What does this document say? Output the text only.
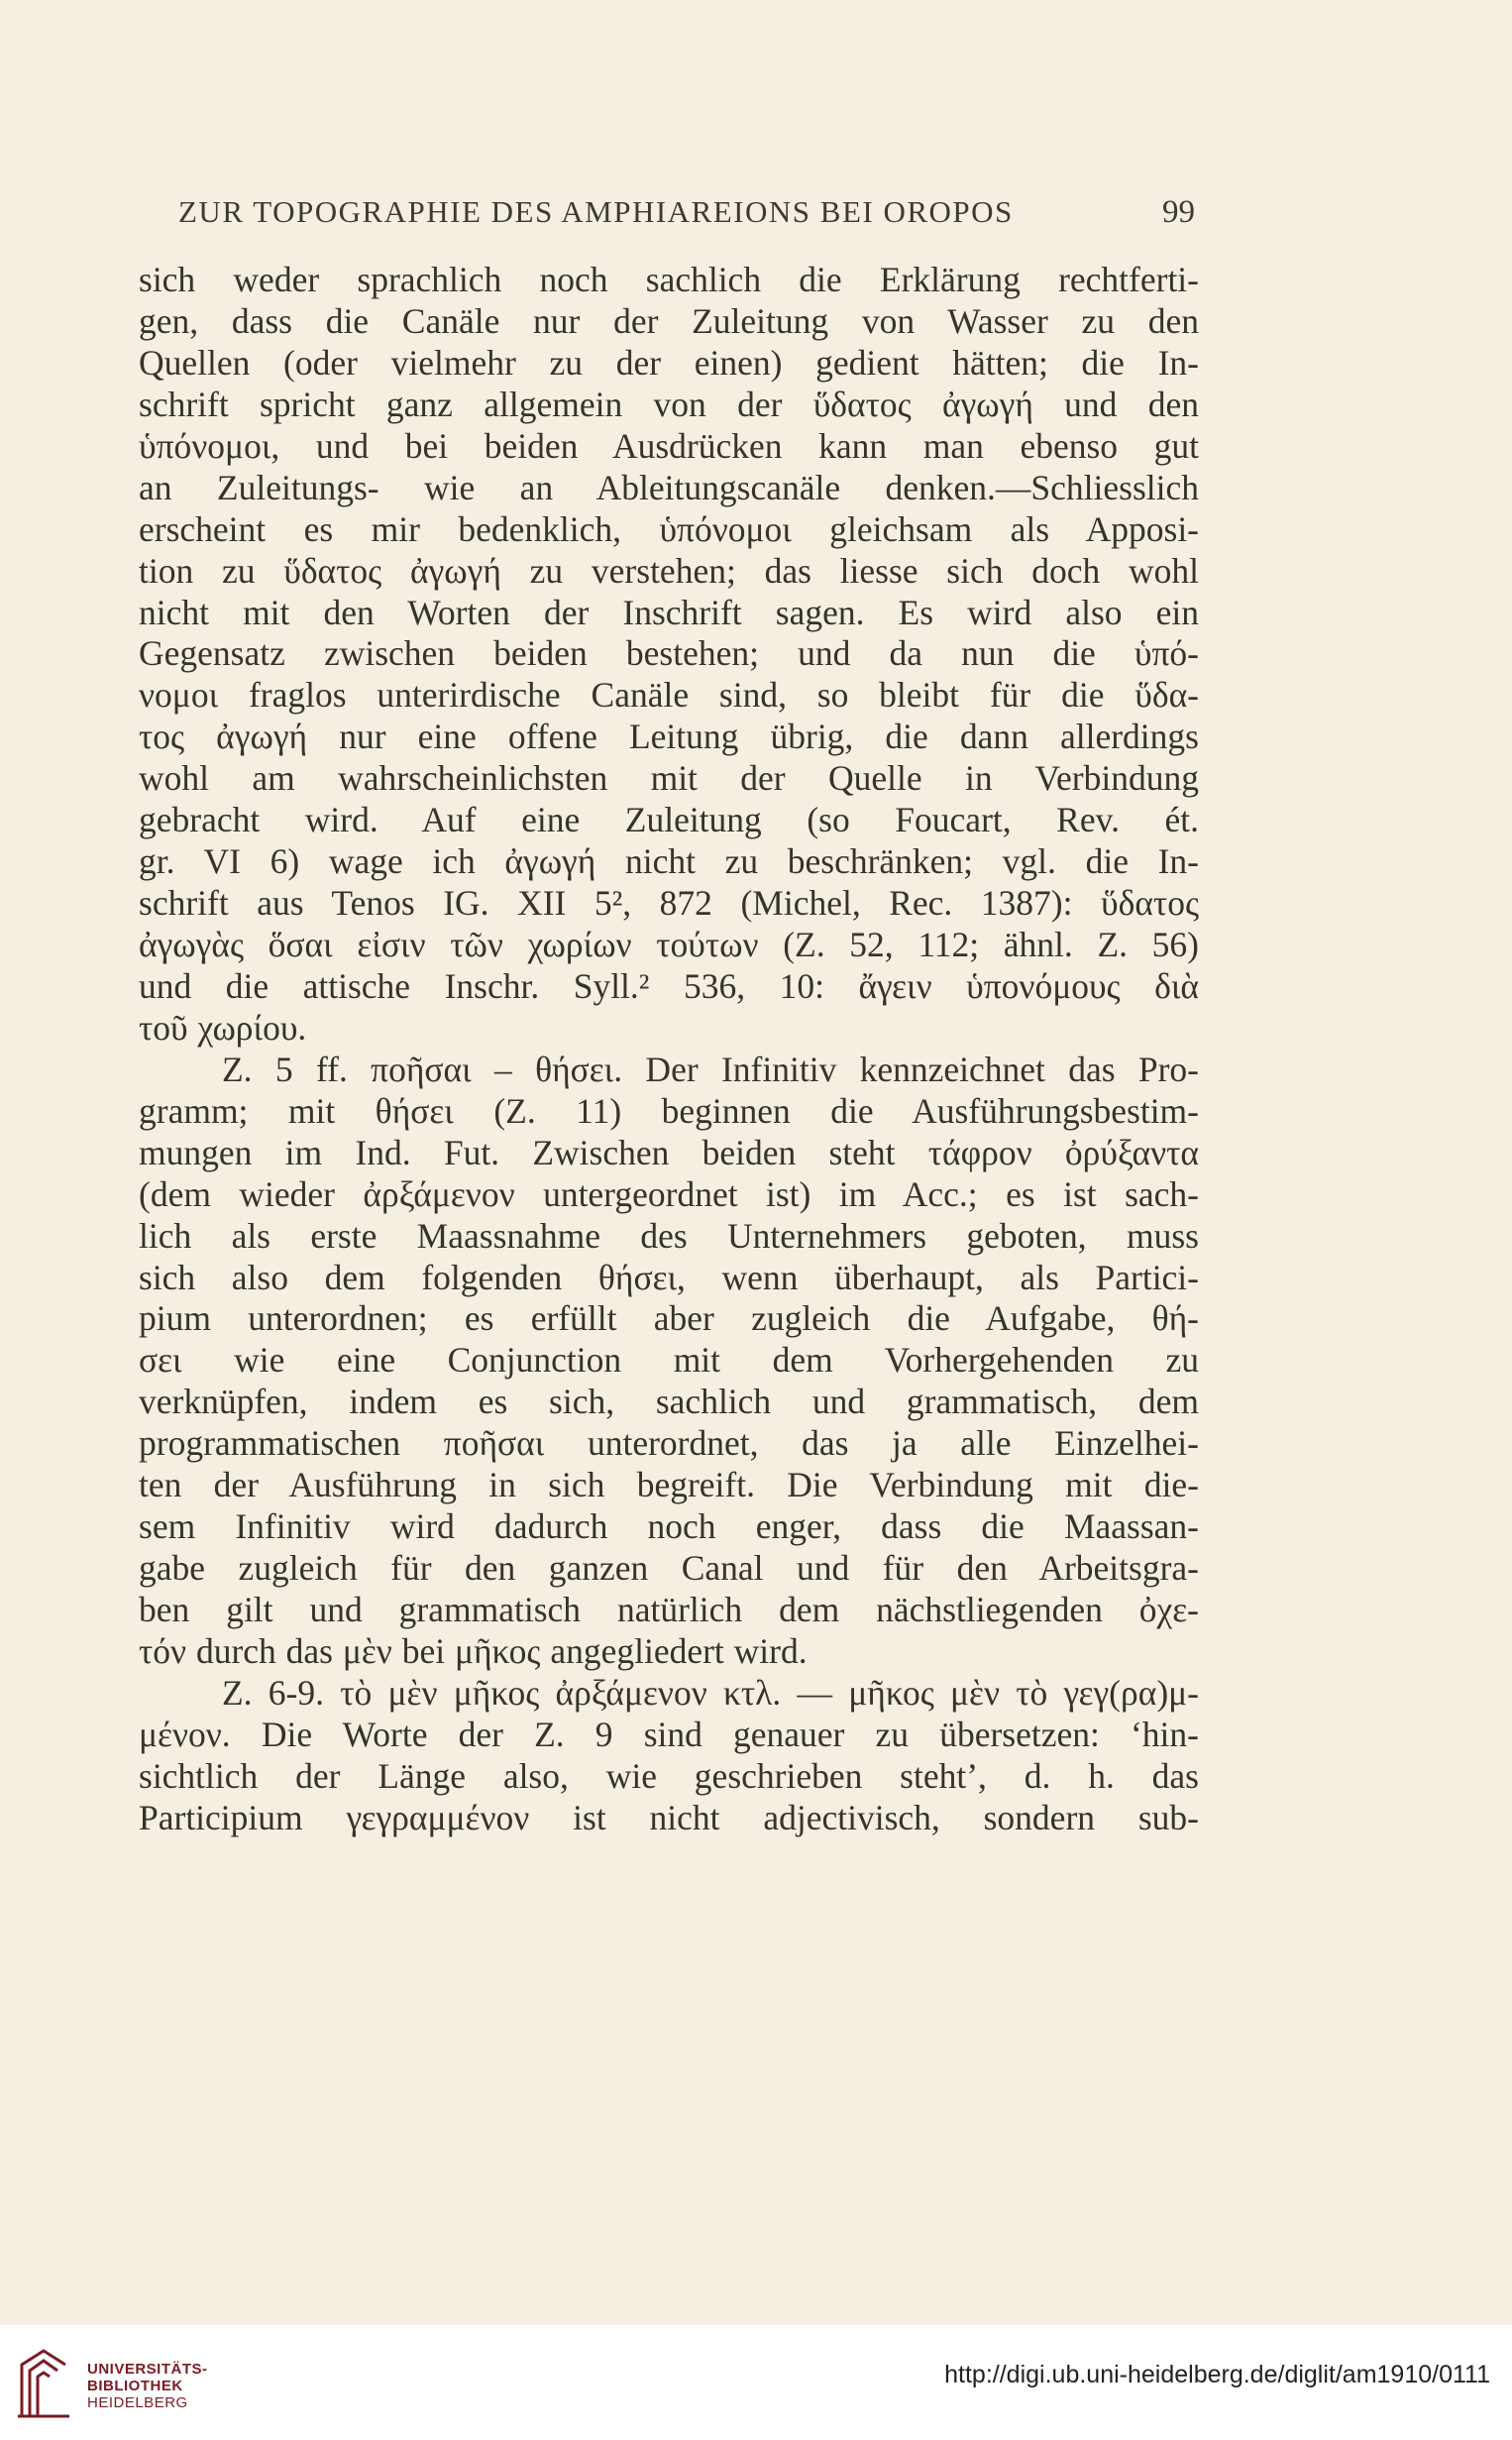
ZUR TOPOGRAPHIE DES AMPHIAREIONS BEI OROPOS	99
sich weder sprachlich noch sachlich die Erklärung rechtferti-
gen, dass die Canäle nur der Zuleitung von Wasser zu den
Quellen (oder vielmehr zu der einen) gedient hätten; die In-
schrift spricht ganz allgemein von der ὕδατος ἀγωγή und den
ὑπόνομοι, und bei beiden Ausdrücken kann man ebenso gut
an Zuleitungs- wie an Ableitungscanäle denken.—Schliesslich
erscheint es mir bedenklich, ὑπόνομοι gleichsam als Apposi-
tion zu ὕδατος ἀγωγή zu verstehen; das liesse sich doch wohl
nicht mit den Worten der Inschrift sagen. Es wird also ein
Gegensatz zwischen beiden bestehen; und da nun die ὑπό-
νομοι fraglos unterirdische Canäle sind, so bleibt für die ὕδα-
τος ἀγωγή nur eine offene Leitung übrig, die dann allerdings
wohl am wahrscheinlichsten mit der Quelle in Verbindung
gebracht wird. Auf eine Zuleitung (so Foucart, Rev. ét.
gr. VI 6) wage ich ἀγωγή nicht zu beschränken; vgl. die In-
schrift aus Tenos IG. XII 5², 872 (Michel, Rec. 1387): ὕδατος
ἀγωγὰς ὅσαι εἰσιν τῶν χωρίων τούτων (Z. 52, 112; ähnl. Z. 56)
und die attische Inschr. Syll.² 536, 10: ἄγειν ὑπονόμους διὰ
τοῦ χωρίου.
Z. 5 ff. ποῆσαι – θήσει. Der Infinitiv kennzeichnet das Pro-
gramm; mit θήσει (Z. 11) beginnen die Ausführungsbestim-
mungen im Ind. Fut. Zwischen beiden steht τάφρον ὀρύξαντα
(dem wieder ἀρξάμενον untergeordnet ist) im Acc.; es ist sach-
lich als erste Maassnahme des Unternehmers geboten, muss
sich also dem folgenden θήσει, wenn überhaupt, als Partici-
pium unterordnen; es erfüllt aber zugleich die Aufgabe, θή-
σει wie eine Conjunction mit dem Vorhergehenden zu
verknüpfen, indem es sich, sachlich und grammatisch, dem
programmatischen ποῆσαι unterordnet, das ja alle Einzelhei-
ten der Ausführung in sich begreift. Die Verbindung mit die-
sem Infinitiv wird dadurch noch enger, dass die Maassan-
gabe zugleich für den ganzen Canal und für den Arbeitsgra-
ben gilt und grammatisch natürlich dem nächstliegenden ὀχε-
τόν durch das μὲν bei μῆκος angegliedert wird.
Z. 6-9. τὸ μὲν μῆκος ἀρξάμενον κτλ. — μῆκος μὲν τὸ γεγ(ρα)μ-
μένον. Die Worte der Z. 9 sind genauer zu übersetzen: ‘hin-
sichtlich der Länge also, wie geschrieben steht’, d. h. das
Participium γεγραμμένον ist nicht adjectivisch, sondern sub-
UNIVERSITÄTS-
BIBLIOTHEK
HEIDELBERG
http://digi.ub.uni-heidelberg.de/diglit/am1910/0111
